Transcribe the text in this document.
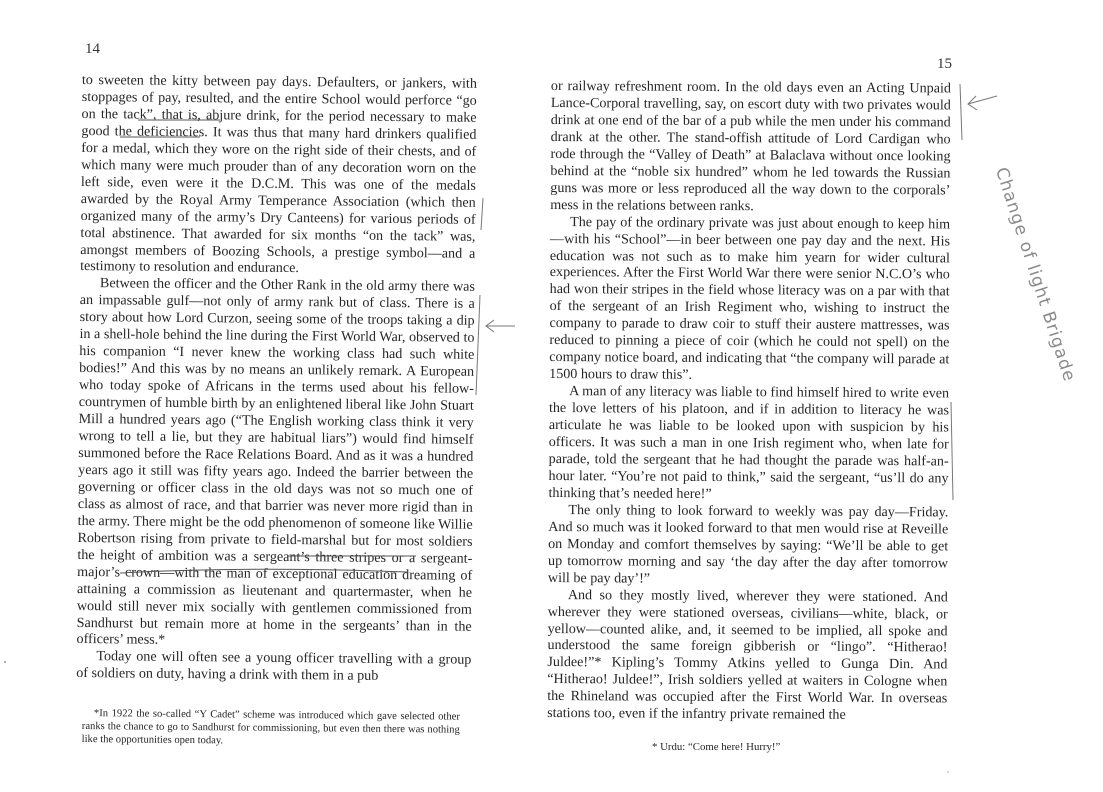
14
15

to sweeten the kitty between pay days. Defaulters, or jankers, with stoppages of pay, resulted, and the entire School would perforce “go on the tack”, that is, abjure drink, for the period necessary to make good the deficiencies. It was thus that many hard drinkers qualified for a medal, which they wore on the right side of their chests, and of which many were much prouder than of any decoration worn on the left side, even were it the D.C.M. This was one of the medals awarded by the Royal Army Temperance Association (which then organized many of the army’s Dry Canteens) for various periods of total abstinence. That awarded for six months “on the tack” was, amongst members of Boozing Schools, a prestige symbol—and a testimony to resolution and endurance.

Between the officer and the Other Rank in the old army there was an impassable gulf—not only of army rank but of class. There is a story about how Lord Curzon, seeing some of the troops taking a dip in a shell-hole behind the line during the First World War, observed to his companion “I never knew the working class had such white bodies!” And this was by no means an unlikely remark. A European who today spoke of Africans in the terms used about his fellow-countrymen of humble birth by an enlightened liberal like John Stuart Mill a hundred years ago (“The English working class think it very wrong to tell a lie, but they are habitual liars”) would find himself summoned before the Race Relations Board. And as it was a hundred years ago it still was fifty years ago. Indeed the barrier between the governing or officer class in the old days was not so much one of class as almost of race, and that barrier was never more rigid than in the army. There might be the odd phenomenon of someone like Willie Robertson rising from private to field-marshal but for most soldiers the height of ambition was a sergeant’s three stripes or a sergeant-major’s crown—with the man of exceptional education dreaming of attaining a commission as lieutenant and quartermaster, when he would still never mix socially with gentlemen commissioned from Sandhurst but remain more at home in the sergeants’ than in the officers’ mess.*

Today one will often see a young officer travelling with a group of soldiers on duty, having a drink with them in a pub

*In 1922 the so-called “Y Cadet” scheme was introduced which gave selected other ranks the chance to go to Sandhurst for commissioning, but even then there was nothing like the opportunities open today.

or railway refreshment room. In the old days even an Acting Unpaid Lance-Corporal travelling, say, on escort duty with two privates would drink at one end of the bar of a pub while the men under his command drank at the other. The stand-offish attitude of Lord Cardigan who rode through the “Valley of Death” at Balaclava without once looking behind at the “noble six hundred” whom he led towards the Russian guns was more or less reproduced all the way down to the corporals’ mess in the relations between ranks.

The pay of the ordinary private was just about enough to keep him—with his “School”—in beer between one pay day and the next. His education was not such as to make him yearn for wider cultural experiences. After the First World War there were senior N.C.O’s who had won their stripes in the field whose literacy was on a par with that of the sergeant of an Irish Regiment who, wishing to instruct the company to parade to draw coir to stuff their austere mattresses, was reduced to pinning a piece of coir (which he could not spell) on the company notice board, and indicating that “the company will parade at 1500 hours to draw this”.

A man of any literacy was liable to find himself hired to write even the love letters of his platoon, and if in addition to literacy he was articulate he was liable to be looked upon with suspicion by his officers. It was such a man in one Irish regiment who, when late for parade, told the sergeant that he had thought the parade was half-an-hour later. “You’re not paid to think,” said the sergeant, “us’ll do any thinking that’s needed here!”

The only thing to look forward to weekly was pay day—Friday. And so much was it looked forward to that men would rise at Reveille on Monday and comfort themselves by saying: “We’ll be able to get up tomorrow morning and say ‘the day after the day after tomorrow will be pay day’!”

And so they mostly lived, wherever they were stationed. And wherever they were stationed overseas, civilians—white, black, or yellow—counted alike, and, it seemed to be implied, all spoke and understood the same foreign gibberish or “lingo”. “Hitherao! Juldee!”* Kipling’s Tommy Atkins yelled to Gunga Din. And “Hitherao! Juldee!”, Irish soldiers yelled at waiters in Cologne when the Rhineland was occupied after the First World War. In overseas stations too, even if the infantry private remained the

* Urdu: “Come here! Hurry!”
Change of light Brigade
